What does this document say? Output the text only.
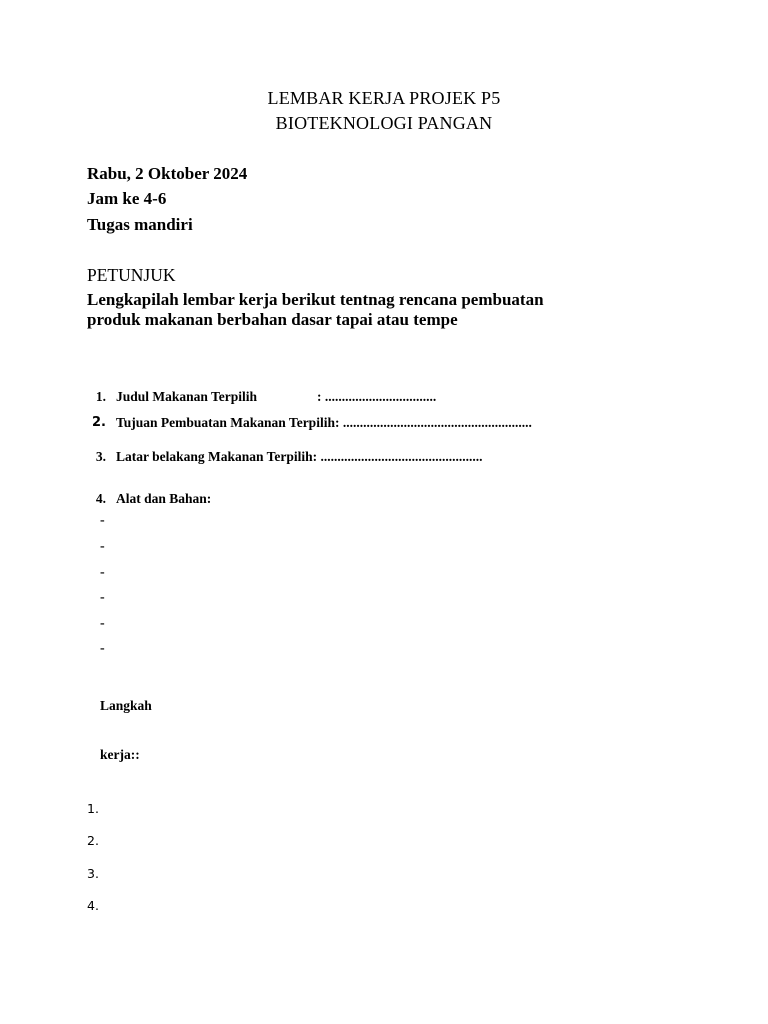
LEMBAR KERJA PROJEK P5
BIOTEKNOLOGI PANGAN
Rabu, 2 Oktober 2024
Jam ke 4-6
Tugas mandiri
PETUNJUK
Lengkapilah lembar kerja berikut tentnag rencana pembuatan produk makanan berbahan dasar tapai atau tempe
1. Judul Makanan Terpilih	: .................................
2. Tujuan Pembuatan Makanan Terpilih: ........................................................
3. Latar belakang Makanan Terpilih: ................................................
4. Alat dan Bahan:
-
-
-
-
-
-
Langkah
kerja::
1.
2.
3.
4.
